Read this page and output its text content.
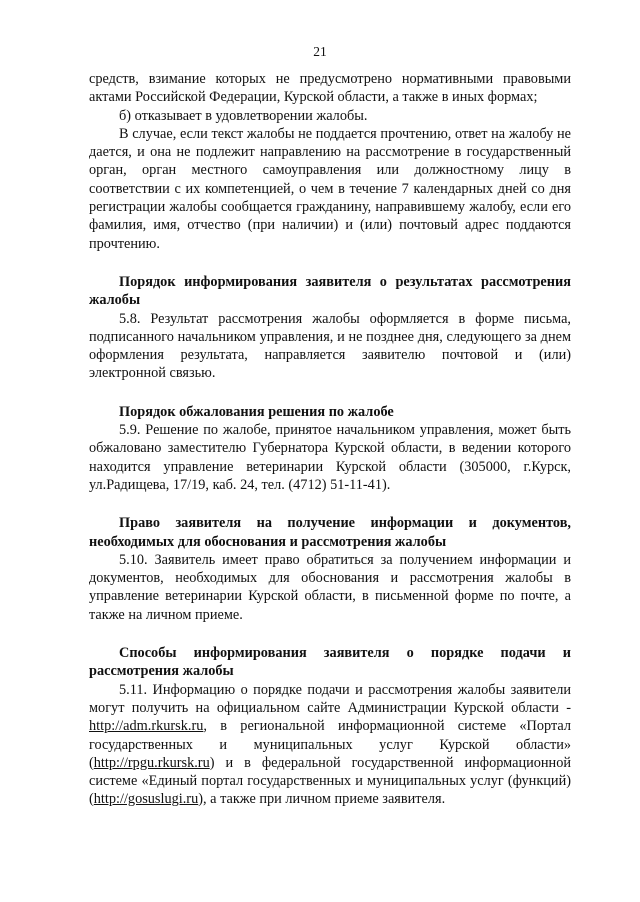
21

средств, взимание которых не предусмотрено нормативными правовыми актами Российской Федерации, Курской области, а также в иных формах;

б) отказывает в удовлетворении жалобы.

В случае, если текст жалобы не поддается прочтению, ответ на жалобу не дается, и она не подлежит направлению на рассмотрение в государственный орган, орган местного самоуправления или должностному лицу в соответствии с их компетенцией, о чем в течение 7 календарных дней со дня регистрации жалобы сообщается гражданину, направившему жалобу, если его фамилия, имя, отчество (при наличии) и (или) почтовый адрес поддаются прочтению.

Порядок информирования заявителя о результатах рассмотрения жалобы

5.8. Результат рассмотрения жалобы оформляется в форме письма, подписанного начальником управления, и не позднее дня, следующего за днем оформления результата, направляется заявителю почтовой и (или) электронной связью.

Порядок обжалования решения по жалобе

5.9. Решение по жалобе, принятое начальником управления, может быть обжаловано заместителю Губернатора Курской области, в ведении которого находится управление ветеринарии Курской области (305000, г.Курск, ул.Радищева, 17/19, каб. 24, тел. (4712) 51-11-41).

Право заявителя на получение информации и документов, необходимых для обоснования и рассмотрения жалобы

5.10. Заявитель имеет право обратиться за получением информации и документов, необходимых для обоснования и рассмотрения жалобы в управление ветеринарии Курской области, в письменной форме по почте, а также на личном приеме.

Способы информирования заявителя о порядке подачи и рассмотрения жалобы

5.11. Информацию о порядке подачи и рассмотрения жалобы заявители могут получить на официальном сайте Администрации Курской области - http://adm.rkursk.ru, в региональной информационной системе «Портал государственных и муниципальных услуг Курской области» (http://rpgu.rkursk.ru) и в федеральной государственной информационной системе «Единый портал государственных и муниципальных услуг (функций) (http://gosuslugi.ru), а также при личном приеме заявителя.
